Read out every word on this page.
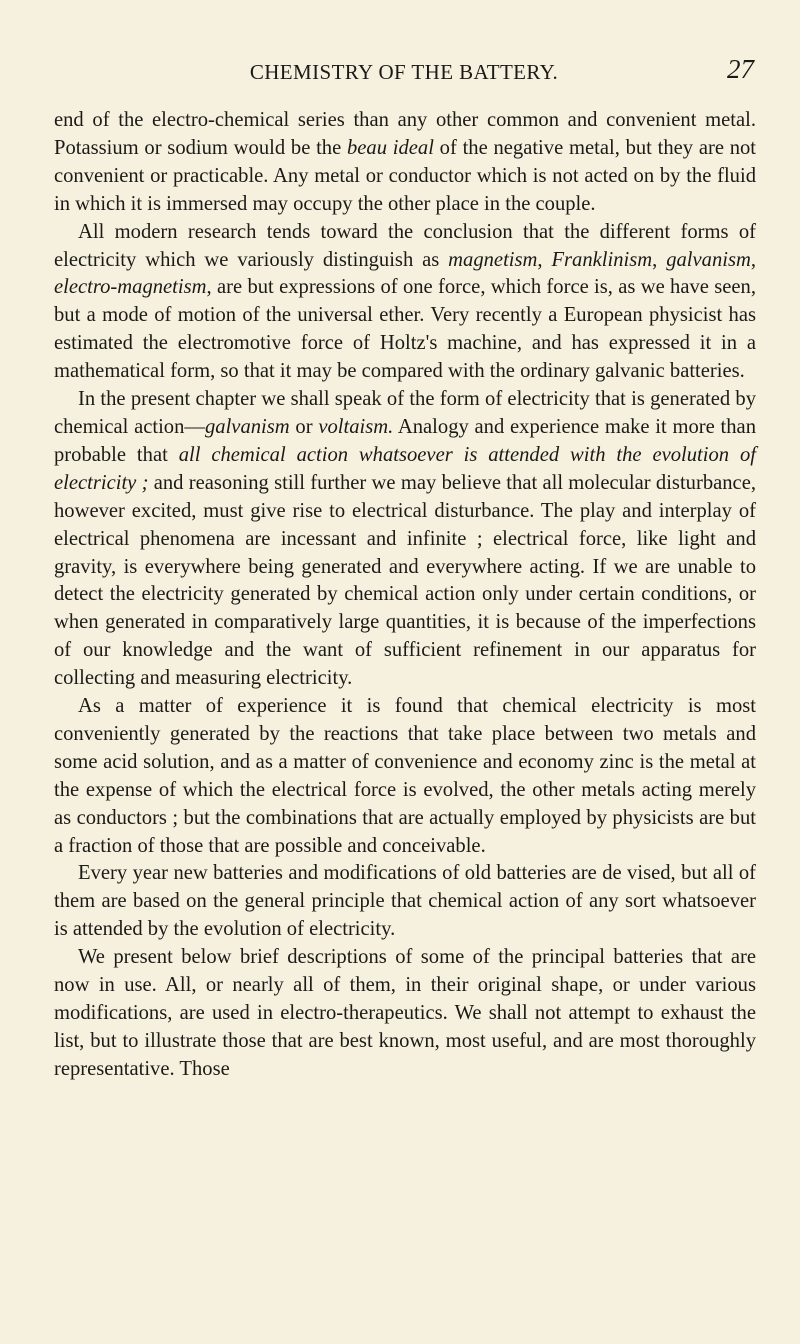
CHEMISTRY OF THE BATTERY.	27

end of the electro-chemical series than any other common and convenient metal. Potassium or sodium would be the beau ideal of the negative metal, but they are not convenient or practicable. Any metal or conductor which is not acted on by the fluid in which it is immersed may occupy the other place in the couple.

All modern research tends toward the conclusion that the different forms of electricity which we variously distinguish as magnetism, Franklinism, galvanism, electro-magnetism, are but expressions of one force, which force is, as we have seen, but a mode of motion of the universal ether. Very recently a European physicist has estimated the electromotive force of Holtz's machine, and has expressed it in a mathematical form, so that it may be compared with the ordinary galvanic batteries.

In the present chapter we shall speak of the form of electricity that is generated by chemical action—galvanism or voltaism. Analogy and experience make it more than probable that all chemical action whatsoever is attended with the evolution of electricity ; and reasoning still further we may believe that all molecular disturbance, however excited, must give rise to electrical disturbance. The play and interplay of electrical phenomena are incessant and infinite ; electrical force, like light and gravity, is everywhere being generated and everywhere acting. If we are unable to detect the electricity generated by chemical action only under certain conditions, or when generated in comparatively large quantities, it is because of the imperfections of our knowledge and the want of sufficient refinement in our apparatus for collecting and measuring electricity.

As a matter of experience it is found that chemical electricity is most conveniently generated by the reactions that take place between two metals and some acid solution, and as a matter of convenience and economy zinc is the metal at the expense of which the electrical force is evolved, the other metals acting merely as conductors ; but the combinations that are actually employed by physicists are but a fraction of those that are possible and conceivable.

Every year new batteries and modifications of old batteries are de vised, but all of them are based on the general principle that chemical action of any sort whatsoever is attended by the evolution of electricity.

We present below brief descriptions of some of the principal batteries that are now in use. All, or nearly all of them, in their original shape, or under various modifications, are used in electro-therapeutics. We shall not attempt to exhaust the list, but to illustrate those that are best known, most useful, and are most thoroughly representative. Those
